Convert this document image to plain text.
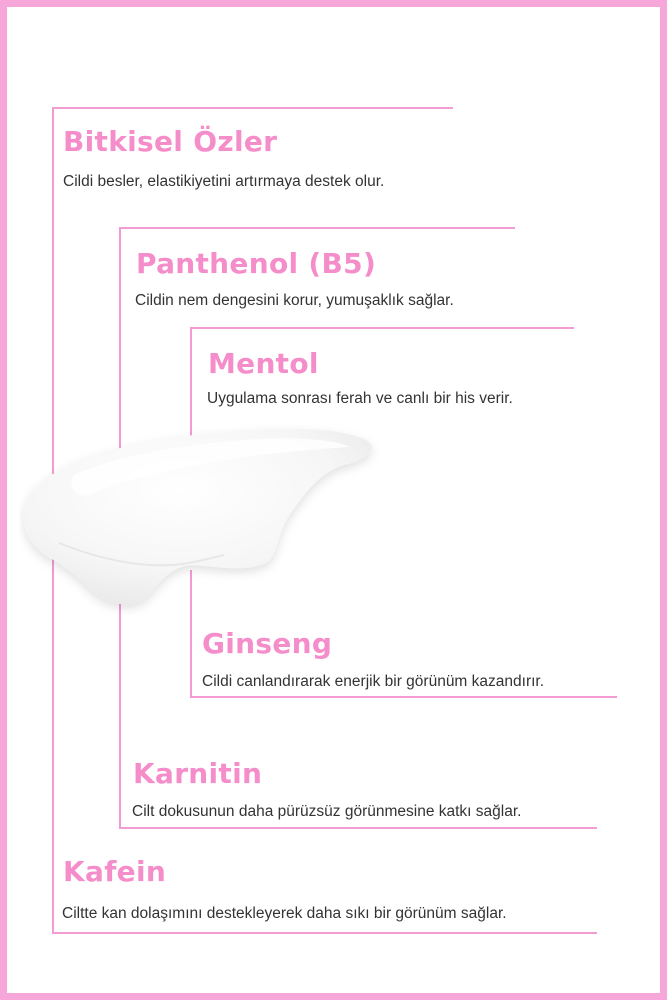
Bitkisel Özler
Cildi besler, elastikiyetini artırmaya destek olur.
Panthenol (B5)
Cildin nem dengesini korur, yumuşaklık sağlar.
Mentol
Uygulama sonrası ferah ve canlı bir his verir.
Ginseng
Cildi canlandırarak enerjik bir görünüm kazandırır.
Karnitin
Cilt dokusunun daha pürüzsüz görünmesine katkı sağlar.
Kafein
Ciltte kan dolaşımını destekleyerek daha sıkı bir görünüm sağlar.
